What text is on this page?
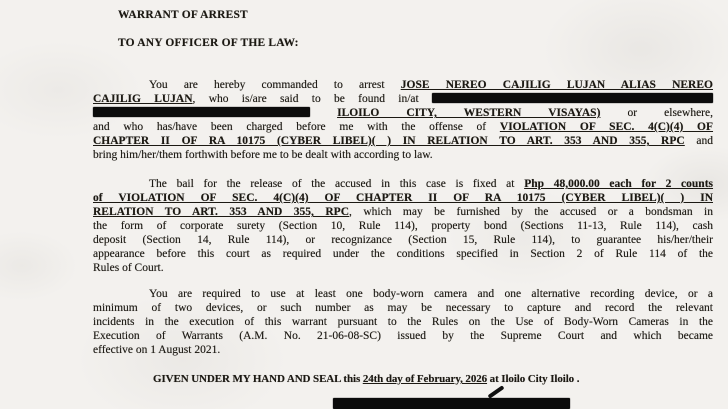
WARRANT OF ARREST
TO ANY OFFICER OF THE LAW:
You are hereby commanded to arrest JOSE NEREO CAJILIG LUJAN ALIAS NEREO
CAJILIG LUJAN, who is/are said to be found in/at
ILOILO CITY, WESTERN VISAYAS) or elsewhere,
and who has/have been charged before me with the offense of VIOLATION OF SEC. 4(C)(4) OF
CHAPTER II OF RA 10175 (CYBER LIBEL)( ) IN RELATION TO ART. 353 AND 355, RPC and
bring him/her/them forthwith before me to be dealt with according to law.
The bail for the release of the accused in this case is fixed at Php 48,000.00 each for 2 counts
of VIOLATION OF SEC. 4(C)(4) OF CHAPTER II OF RA 10175 (CYBER LIBEL)( ) IN
RELATION TO ART. 353 AND 355, RPC, which may be furnished by the accused or a bondsman in
the form of corporate surety (Section 10, Rule 114), property bond (Sections 11-13, Rule 114), cash
deposit (Section 14, Rule 114), or recognizance (Section 15, Rule 114), to guarantee his/her/their
appearance before this court as required under the conditions specified in Section 2 of Rule 114 of the
Rules of Court.
You are required to use at least one body-worn camera and one alternative recording device, or a
minimum of two devices, or such number as may be necessary to capture and record the relevant
incidents in the execution of this warrant pursuant to the Rules on the Use of Body-Worn Cameras in the
Execution of Warrants (A.M. No. 21-06-08-SC) issued by the Supreme Court and which became
effective on 1 August 2021.
GIVEN UNDER MY HAND AND SEAL this 24th day of February, 2026 at Iloilo City Iloilo .
